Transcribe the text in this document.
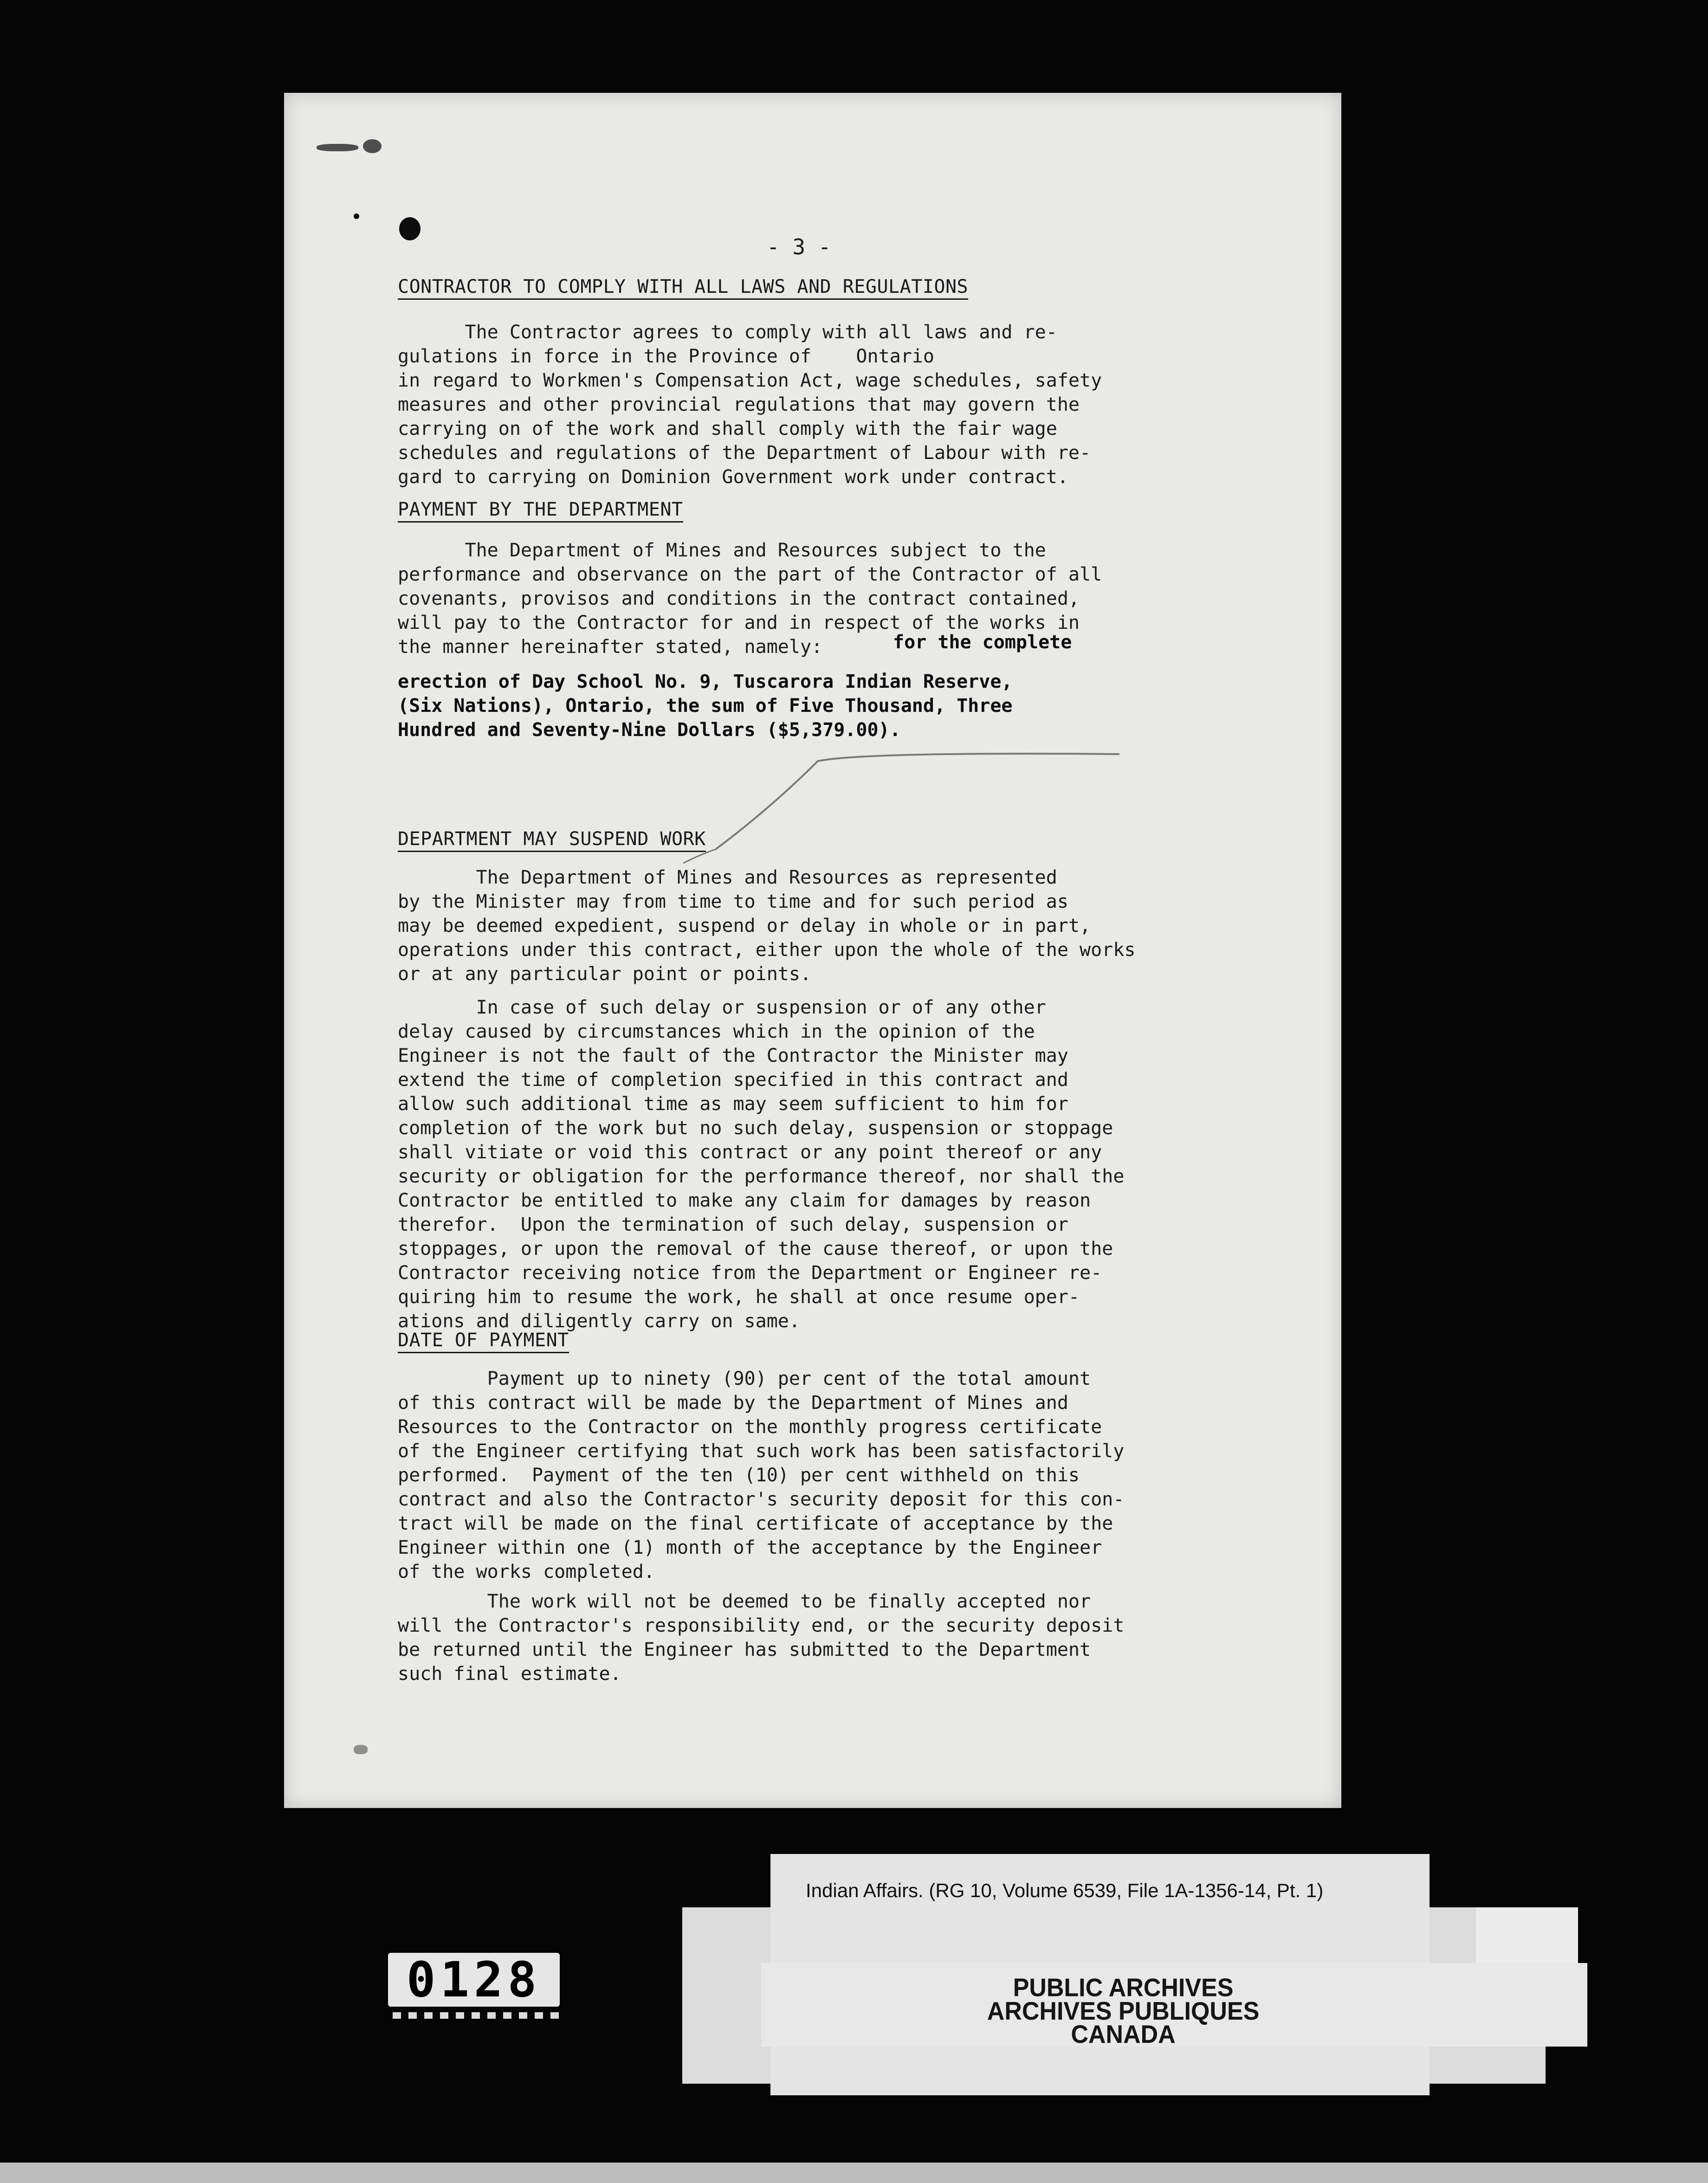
- 3 -
CONTRACTOR TO COMPLY WITH ALL LAWS AND REGULATIONS
The Contractor agrees to comply with all laws and re-
gulations in force in the Province of    Ontario
in regard to Workmen's Compensation Act, wage schedules, safety
measures and other provincial regulations that may govern the
carrying on of the work and shall comply with the fair wage
schedules and regulations of the Department of Labour with re-
gard to carrying on Dominion Government work under contract.
PAYMENT BY THE DEPARTMENT
The Department of Mines and Resources subject to the
performance and observance on the part of the Contractor of all
covenants, provisos and conditions in the contract contained,
will pay to the Contractor for and in respect of the works in
the manner hereinafter stated, namely:	for the complete
erection of Day School No. 9, Tuscarora Indian Reserve,
(Six Nations), Ontario, the sum of Five Thousand, Three
Hundred and Seventy-Nine Dollars ($5,379.00).
DEPARTMENT MAY SUSPEND WORK
The Department of Mines and Resources as represented
by the Minister may from time to time and for such period as
may be deemed expedient, suspend or delay in whole or in part,
operations under this contract, either upon the whole of the works
or at any particular point or points.
In case of such delay or suspension or of any other
delay caused by circumstances which in the opinion of the
Engineer is not the fault of the Contractor the Minister may
extend the time of completion specified in this contract and
allow such additional time as may seem sufficient to him for
completion of the work but no such delay, suspension or stoppage
shall vitiate or void this contract or any point thereof or any
security or obligation for the performance thereof, nor shall the
Contractor be entitled to make any claim for damages by reason
therefor.  Upon the termination of such delay, suspension or
stoppages, or upon the removal of the cause thereof, or upon the
Contractor receiving notice from the Department or Engineer re-
quiring him to resume the work, he shall at once resume oper-
ations and diligently carry on same.
DATE OF PAYMENT
Payment up to ninety (90) per cent of the total amount
of this contract will be made by the Department of Mines and
Resources to the Contractor on the monthly progress certificate
of the Engineer certifying that such work has been satisfactorily
performed.  Payment of the ten (10) per cent withheld on this
contract and also the Contractor's security deposit for this con-
tract will be made on the final certificate of acceptance by the
Engineer within one (1) month of the acceptance by the Engineer
of the works completed.
The work will not be deemed to be finally accepted nor
will the Contractor's responsibility end, or the security deposit
be returned until the Engineer has submitted to the Department
such final estimate.
Indian Affairs. (RG 10, Volume 6539, File 1A-1356-14, Pt. 1)
PUBLIC ARCHIVES
ARCHIVES PUBLIQUES
CANADA
0128
